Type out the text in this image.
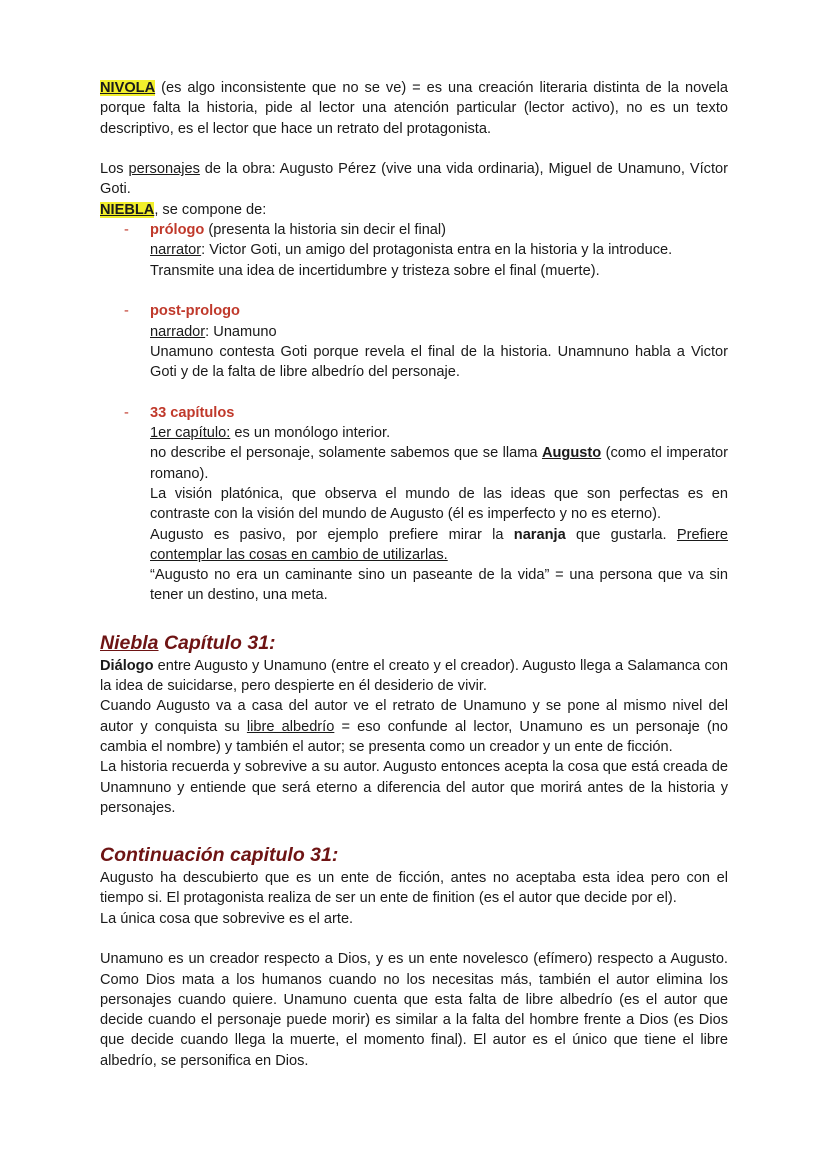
NIVOLA (es algo inconsistente que no se ve) = es una creación literaria distinta de la novela porque falta la historia, pide al lector una atención particular (lector activo), no es un texto descriptivo, es el lector que hace un retrato del protagonista.

Los personajes de la obra: Augusto Pérez (vive una vida ordinaria), Miguel de Unamuno, Víctor Goti.

NIEBLA, se compone de:

- prólogo (presenta la historia sin decir el final)

narrator: Victor Goti, un amigo del protagonista entra en la historia y la introduce. Transmite una idea de incertidumbre y tristeza sobre el final (muerte).

- post-prologo

narrador: Unamuno

Unamuno contesta Goti porque revela el final de la historia. Unamnuno habla a Victor Goti y de la falta de libre albedrío del personaje.

- 33 capítulos

1er capítulo: es un monólogo interior.

no describe el personaje, solamente sabemos que se llama Augusto (como el imperator romano).

La visión platónica, que observa el mundo de las ideas que son perfectas es en contraste con la visión del mundo de Augusto (él es imperfecto y no es eterno).

Augusto es pasivo, por ejemplo prefiere mirar la naranja que gustarla. Prefiere contemplar las cosas en cambio de utilizarlas.

“Augusto no era un caminante sino un paseante de la vida” = una persona que va sin tener un destino, una meta.

Niebla Capítulo 31:

Diálogo entre Augusto y Unamuno (entre el creato y el creador). Augusto llega a Salamanca con la idea de suicidarse, pero despierte en él desiderio de vivir.

Cuando Augusto va a casa del autor ve el retrato de Unamuno y se pone al mismo nivel del autor y conquista su libre albedrío = eso confunde al lector, Unamuno es un personaje (no cambia el nombre) y también el autor; se presenta como un creador y un ente de ficción.

La historia recuerda y sobrevive a su autor. Augusto entonces acepta la cosa que está creada de Unamnuno y entiende que será eterno a diferencia del autor que morirá antes de la historia y personajes.

Continuación capitulo 31:

Augusto ha descubierto que es un ente de ficción, antes no aceptaba esta idea pero con el tiempo si. El protagonista realiza de ser un ente de finition (es el autor que decide por el).

La única cosa que sobrevive es el arte.

Unamuno es un creador respecto a Dios, y es un ente novelesco (efímero) respecto a Augusto. Como Dios mata a los humanos cuando no los necesitas más, también el autor elimina los personajes cuando quiere. Unamuno cuenta que esta falta de libre albedrío (es el autor que decide cuando el personaje puede morir) es similar a la falta del hombre frente a Dios (es Dios que decide cuando llega la muerte, el momento final). El autor es el único que tiene el libre albedrío, se personifica en Dios.
